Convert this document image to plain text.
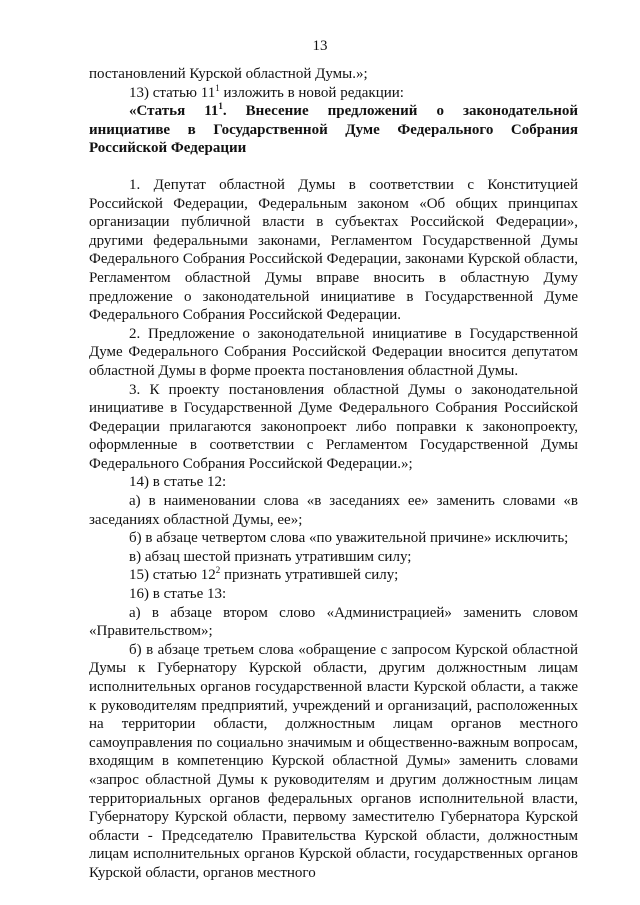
13

постановлений Курской областной Думы.»;

13) статью $11^1$ изложить в новой редакции:

«Статья $11^1$. Внесение предложений о законодательной инициативе в Государственной Думе Федерального Собрания Российской Федерации

1. Депутат областной Думы в соответствии с Конституцией Российской Федерации, Федеральным законом «Об общих принципах организации публичной власти в субъектах Российской Федерации», другими федеральными законами, Регламентом Государственной Думы Федерального Собрания Российской Федерации, законами Курской области, Регламентом областной Думы вправе вносить в областную Думу предложение о законодательной инициативе в Государственной Думе Федерального Собрания Российской Федерации.

2. Предложение о законодательной инициативе в Государственной Думе Федерального Собрания Российской Федерации вносится депутатом областной Думы в форме проекта постановления областной Думы.

3. К проекту постановления областной Думы о законодательной инициативе в Государственной Думе Федерального Собрания Российской Федерации прилагаются законопроект либо поправки к законопроекту, оформленные в соответствии с Регламентом Государственной Думы Федерального Собрания Российской Федерации.»;

14) в статье 12:

а) в наименовании слова «в заседаниях ее» заменить словами «в заседаниях областной Думы, ее»;

б) в абзаце четвертом слова «по уважительной причине» исключить;

в) абзац шестой признать утратившим силу;

15) статью $12^2$ признать утратившей силу;

16) в статье 13:

а) в абзаце втором слово «Администрацией» заменить словом «Правительством»;

б) в абзаце третьем слова «обращение с запросом Курской областной Думы к Губернатору Курской области, другим должностным лицам исполнительных органов государственной власти Курской области, а также к руководителям предприятий, учреждений и организаций, расположенных на территории области, должностным лицам органов местного самоуправления по социально значимым и общественно-важным вопросам, входящим в компетенцию Курской областной Думы» заменить словами «запрос областной Думы к руководителям и другим должностным лицам территориальных органов федеральных органов исполнительной власти, Губернатору Курской области, первому заместителю Губернатора Курской области - Председателю Правительства Курской области, должностным лицам исполнительных органов Курской области, государственных органов Курской области, органов местного
